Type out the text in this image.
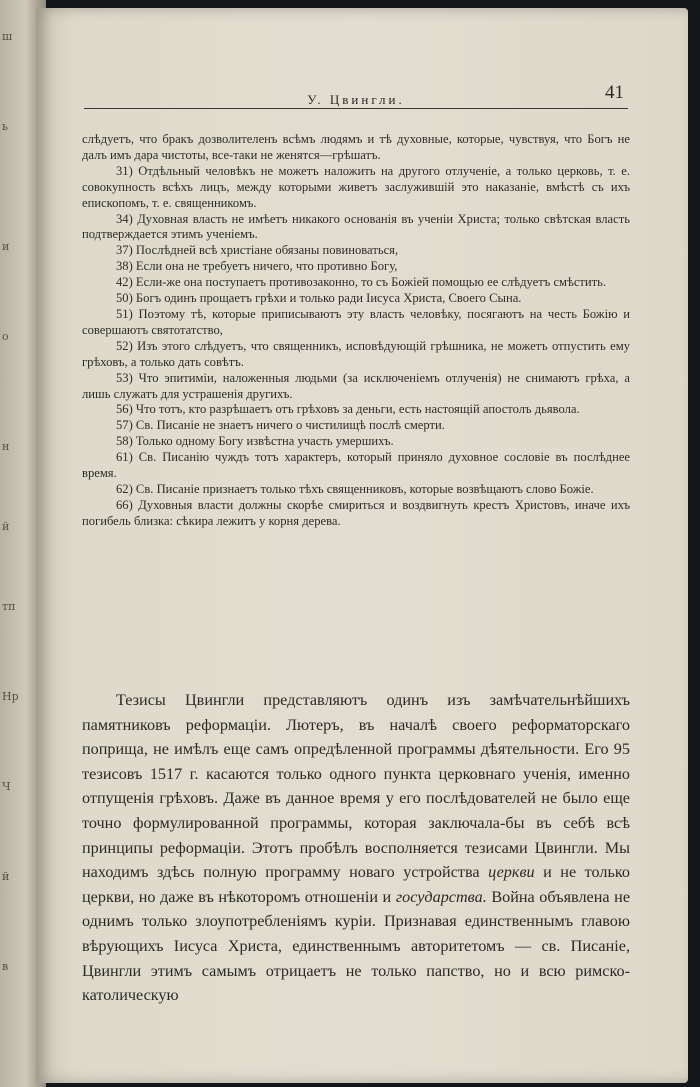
ш
ь
и
о
н
й
тп
Нр
Ч
й
в
У. Цвингли.	41

слѣдуетъ, что бракъ дозволителенъ всѣмъ людямъ и тѣ духовные, которые, чувствуя, что Богъ не далъ имъ дара чистоты, все-таки не женятся—грѣшатъ.

31) Отдѣльный человѣкъ не можетъ наложить на другого отлученіе, а только церковь, т. е. совокупность всѣхъ лицъ, между которыми живетъ заслужившій это наказаніе, вмѣстѣ съ ихъ епископомъ, т. е. священникомъ.

34) Духовная власть не имѣетъ никакого основанія въ ученіи Христа; только свѣтская власть подтверждается этимъ ученіемъ.

37) Послѣдней всѣ христіане обязаны повиноваться,

38) Если она не требуетъ ничего, что противно Богу,

42) Если-же она поступаетъ противозаконно, то съ Божіей помощью ее слѣдуетъ смѣстить.

50) Богъ одинъ прощаетъ грѣхи и только ради Іисуса Христа, Своего Сына.

51) Поэтому тѣ, которые приписываютъ эту власть человѣку, посягаютъ на честь Божію и совершаютъ святотатство,

52) Изъ этого слѣдуетъ, что священникъ, исповѣдующій грѣшника, не можетъ отпустить ему грѣховъ, а только дать совѣтъ.

53) Что эпитиміи, наложенныя людьми (за исключеніемъ отлученія) не снимаютъ грѣха, а лишь служатъ для устрашенія другихъ.

56) Что тотъ, кто разрѣшаетъ отъ грѣховъ за деньги, есть настоящій апостолъ дьявола.

57) Св. Писаніе не знаетъ ничего о чистилищѣ послѣ смерти.

58) Только одному Богу извѣстна участь умершихъ.

61) Св. Писанію чуждъ тотъ характеръ, который приняло духовное сословіе въ послѣднее время.

62) Св. Писаніе признаетъ только тѣхъ священниковъ, которые возвѣщаютъ слово Божіе.

66) Духовныя власти должны скорѣе смириться и воздвигнуть крестъ Христовъ, иначе ихъ погибель близка: сѣкира лежитъ у корня дерева.

Тезисы Цвингли представляютъ одинъ изъ замѣчательнѣйшихъ памятниковъ реформаціи. Лютеръ, въ началѣ своего реформаторскаго поприща, не имѣлъ еще самъ опредѣленной программы дѣятельности. Его 95 тезисовъ 1517 г. касаются только одного пункта церковнаго ученія, именно отпущенія грѣховъ. Даже въ данное время у его послѣдователей не было еще точно формулированной программы, которая заключала-бы въ себѣ всѣ принципы реформаціи. Этотъ пробѣлъ восполняется тезисами Цвингли. Мы находимъ здѣсь полную программу новаго устройства церкви и не только церкви, но даже въ нѣкоторомъ отношеніи и государства. Война объявлена не однимъ только злоупотребленіямъ куріи. Признавая единственнымъ главою вѣрующихъ Іисуса Христа, единственнымъ авторитетомъ — св. Писаніе, Цвингли этимъ самымъ отрицаетъ не только папство, но и всю римско-католическую
